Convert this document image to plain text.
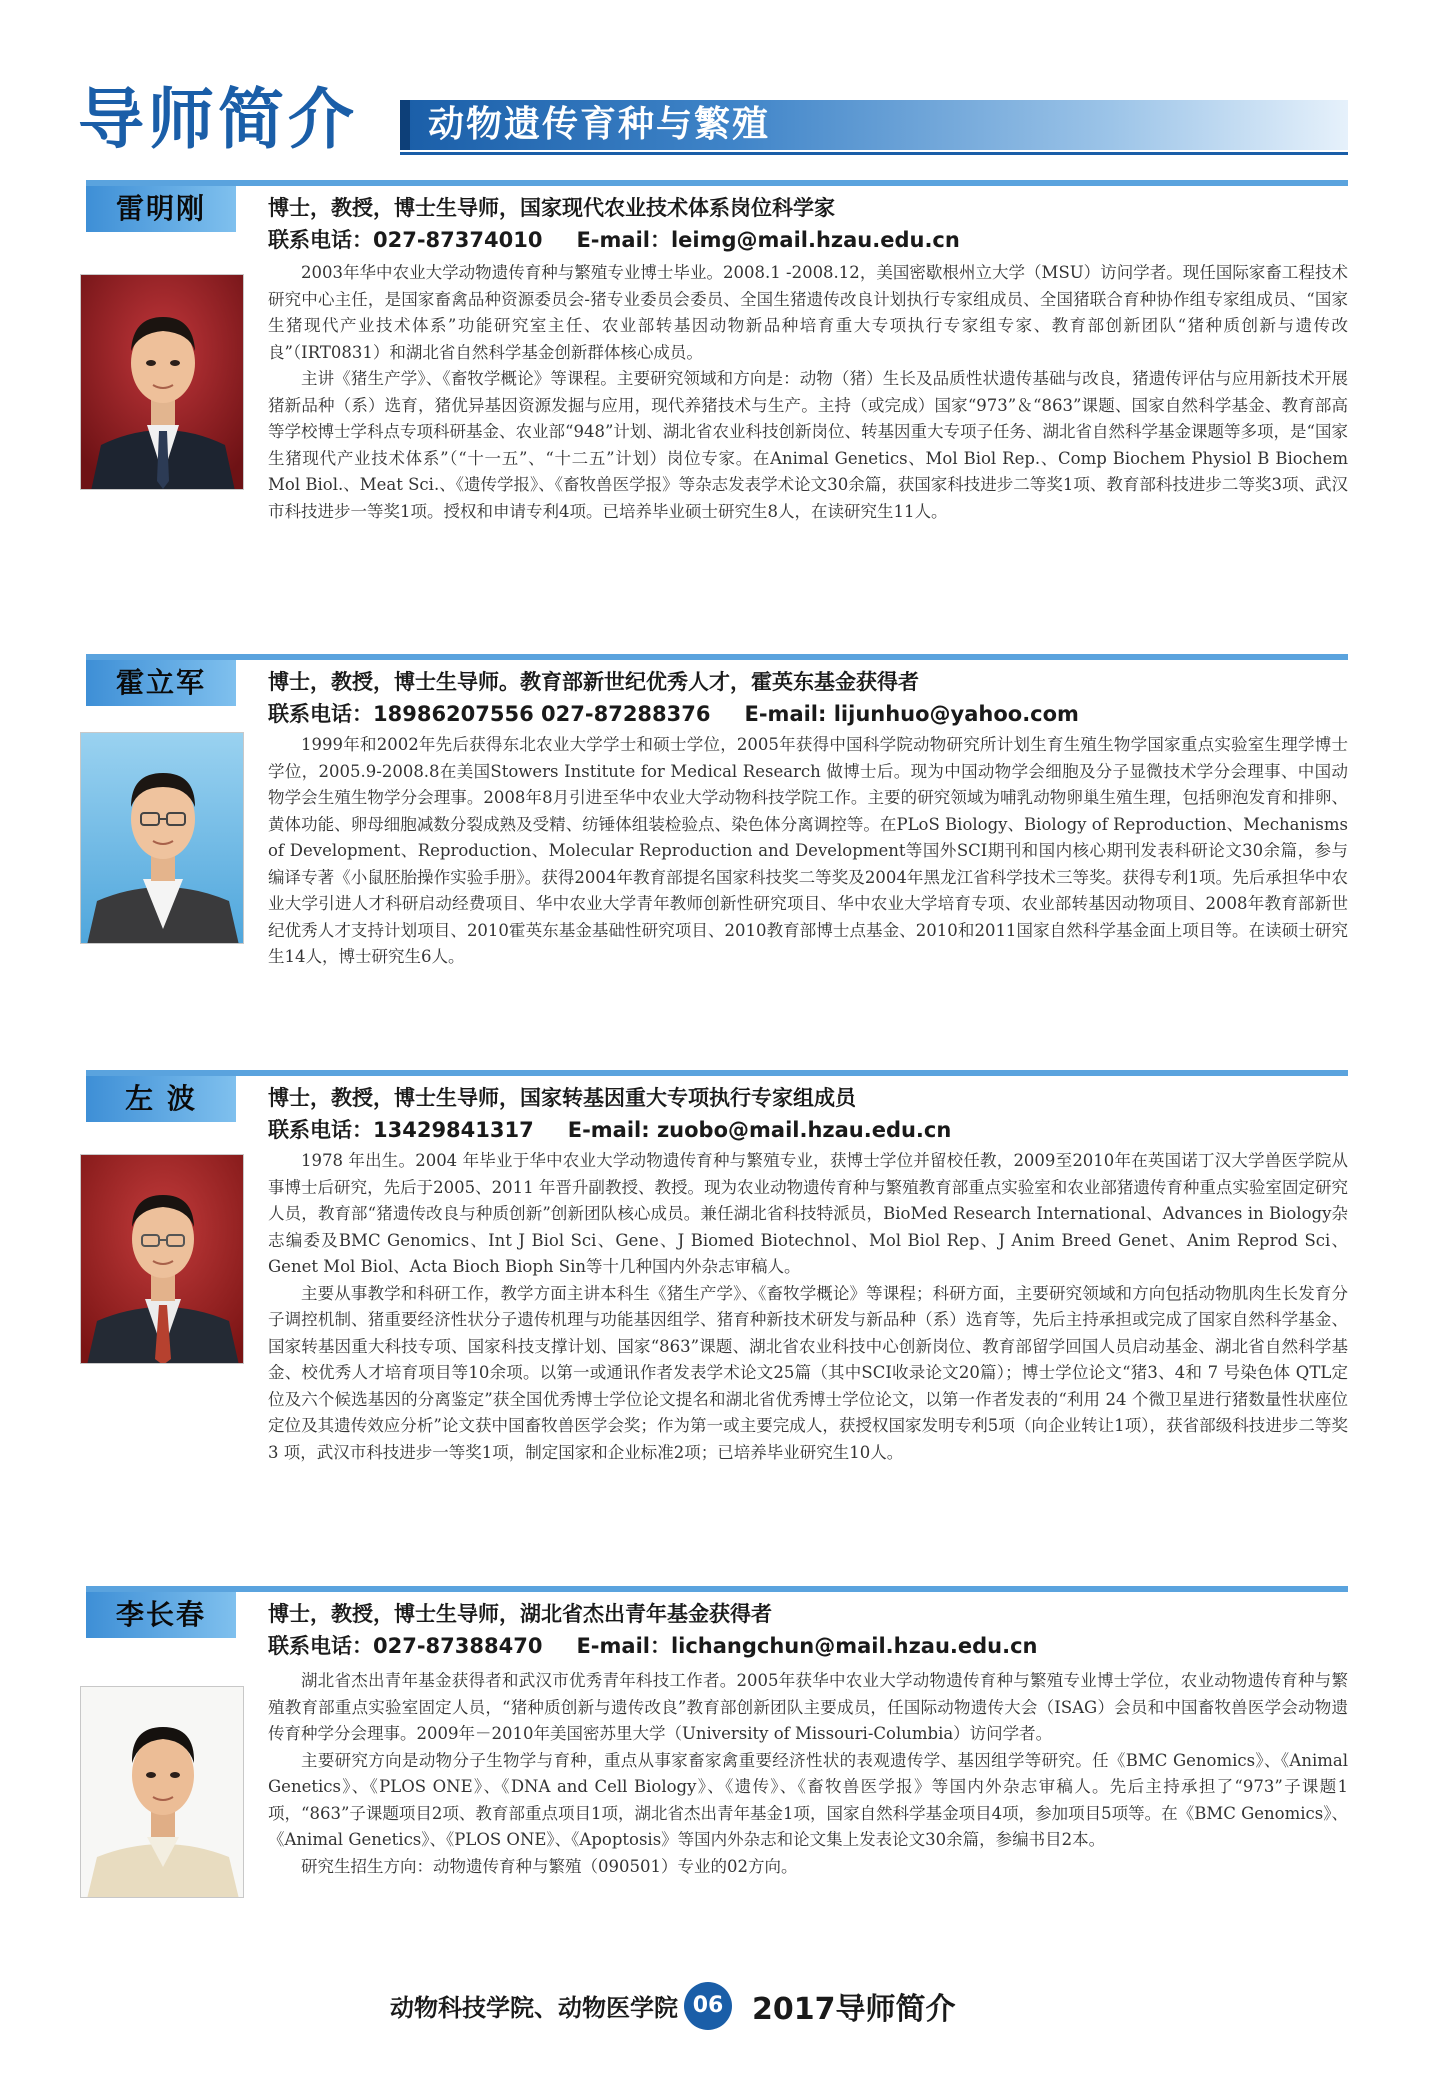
导师简介 动物遗传育种与繁殖
雷明刚	博士，教授，博士生导师，国家现代农业技术体系岗位科学家
联系电话：027-87374010 E-mail：leimg@mail.hzau.edu.cn

2003年华中农业大学动物遗传育种与繁殖专业博士毕业。2008.1 -2008.12，美国密歇根州立大学（MSU）访问学者。现任国际家畜工程技术研究中心主任，是国家畜禽品种资源委员会-猪专业委员会委员、全国生猪遗传改良计划执行专家组成员、全国猪联合育种协作组专家组成员、“国家生猪现代产业技术体系”功能研究室主任、农业部转基因动物新品种培育重大专项执行专家组专家、教育部创新团队“猪种质创新与遗传改良”（IRT0831）和湖北省自然科学基金创新群体核心成员。

主讲《猪生产学》、《畜牧学概论》等课程。主要研究领域和方向是：动物（猪）生长及品质性状遗传基础与改良，猪遗传评估与应用新技术开展猪新品种（系）选育，猪优异基因资源发掘与应用，现代养猪技术与生产。主持（或完成）国家“973”＆“863”课题、国家自然科学基金、教育部高等学校博士学科点专项科研基金、农业部“948”计划、湖北省农业科技创新岗位、转基因重大专项子任务、湖北省自然科学基金课题等多项，是“国家生猪现代产业技术体系”（“十一五”、“十二五”计划）岗位专家。在Animal Genetics、Mol Biol Rep.、Comp Biochem Physiol B Biochem Mol Biol.、Meat Sci.、《遗传学报》、《畜牧兽医学报》等杂志发表学术论文30余篇，获国家科技进步二等奖1项、教育部科技进步二等奖3项、武汉市科技进步一等奖1项。授权和申请专利4项。已培养毕业硕士研究生8人，在读研究生11人。

霍立军	博士，教授，博士生导师。教育部新世纪优秀人才，霍英东基金获得者
联系电话：18986207556 027-87288376 E-mail: lijunhuo@yahoo.com

1999年和2002年先后获得东北农业大学学士和硕士学位，2005年获得中国科学院动物研究所计划生育生殖生物学国家重点实验室生理学博士学位，2005.9-2008.8在美国Stowers Institute for Medical Research 做博士后。现为中国动物学会细胞及分子显微技术学分会理事、中国动物学会生殖生物学分会理事。2008年8月引进至华中农业大学动物科技学院工作。主要的研究领域为哺乳动物卵巢生殖生理，包括卵泡发育和排卵、黄体功能、卵母细胞减数分裂成熟及受精、纺锤体组装检验点、染色体分离调控等。在PLoS Biology、Biology of Reproduction、Mechanisms of Development、Reproduction、Molecular Reproduction and Development等国外SCI期刊和国内核心期刊发表科研论文30余篇，参与编译专著《小鼠胚胎操作实验手册》。获得2004年教育部提名国家科技奖二等奖及2004年黑龙江省科学技术三等奖。获得专利1项。先后承担华中农业大学引进人才科研启动经费项目、华中农业大学青年教师创新性研究项目、华中农业大学培育专项、农业部转基因动物项目、2008年教育部新世纪优秀人才支持计划项目、2010霍英东基金基础性研究项目、2010教育部博士点基金、2010和2011国家自然科学基金面上项目等。在读硕士研究生14人，博士研究生6人。

左 波	博士，教授，博士生导师，国家转基因重大专项执行专家组成员
联系电话：13429841317 E-mail: zuobo@mail.hzau.edu.cn

1978 年出生。2004 年毕业于华中农业大学动物遗传育种与繁殖专业，获博士学位并留校任教，2009至2010年在英国诺丁汉大学兽医学院从事博士后研究，先后于2005、2011 年晋升副教授、教授。现为农业动物遗传育种与繁殖教育部重点实验室和农业部猪遗传育种重点实验室固定研究人员，教育部“猪遗传改良与种质创新”创新团队核心成员。兼任湖北省科技特派员，BioMed Research International、Advances in Biology杂志编委及BMC Genomics、Int J Biol Sci、Gene、J Biomed Biotechnol、Mol Biol Rep、J Anim Breed Genet、Anim Reprod Sci、Genet Mol Biol、Acta Bioch Bioph Sin等十几种国内外杂志审稿人。

主要从事教学和科研工作，教学方面主讲本科生《猪生产学》、《畜牧学概论》等课程；科研方面，主要研究领域和方向包括动物肌肉生长发育分子调控机制、猪重要经济性状分子遗传机理与功能基因组学、猪育种新技术研发与新品种（系）选育等，先后主持承担或完成了国家自然科学基金、国家转基因重大科技专项、国家科技支撑计划、国家“863”课题、湖北省农业科技中心创新岗位、教育部留学回国人员启动基金、湖北省自然科学基金、校优秀人才培育项目等10余项。以第一或通讯作者发表学术论文25篇（其中SCI收录论文20篇）；博士学位论文“猪3、4和 7 号染色体 QTL定位及六个候选基因的分离鉴定”获全国优秀博士学位论文提名和湖北省优秀博士学位论文，以第一作者发表的“利用 24 个微卫星进行猪数量性状座位定位及其遗传效应分析”论文获中国畜牧兽医学会奖；作为第一或主要完成人，获授权国家发明专利5项（向企业转让1项），获省部级科技进步二等奖 3 项，武汉市科技进步一等奖1项，制定国家和企业标准2项；已培养毕业研究生10人。

李长春	博士，教授，博士生导师，湖北省杰出青年基金获得者
联系电话：027-87388470 E-mail：lichangchun@mail.hzau.edu.cn

湖北省杰出青年基金获得者和武汉市优秀青年科技工作者。2005年获华中农业大学动物遗传育种与繁殖专业博士学位，农业动物遗传育种与繁殖教育部重点实验室固定人员，“猪种质创新与遗传改良”教育部创新团队主要成员，任国际动物遗传大会（ISAG）会员和中国畜牧兽医学会动物遗传育种学分会理事。2009年－2010年美国密苏里大学（University of Missouri-Columbia）访问学者。

主要研究方向是动物分子生物学与育种，重点从事家畜家禽重要经济性状的表观遗传学、基因组学等研究。任《BMC Genomics》、《Animal Genetics》、《PLOS ONE》、《DNA and Cell Biology》、《遗传》、《畜牧兽医学报》等国内外杂志审稿人。先后主持承担了“973”子课题1项，“863”子课题项目2项、教育部重点项目1项，湖北省杰出青年基金1项，国家自然科学基金项目4项，参加项目5项等。在《BMC Genomics》、《Animal Genetics》、《PLOS ONE》、《Apoptosis》等国内外杂志和论文集上发表论文30余篇，参编书目2本。

研究生招生方向：动物遗传育种与繁殖（090501）专业的02方向。

动物科技学院、动物医学院 06 2017导师简介
